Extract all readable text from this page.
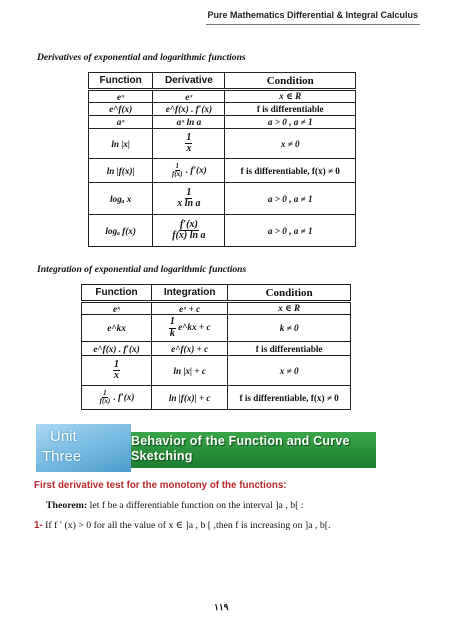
Pure Mathematics Differential & Integral Calculus
Derivatives of exponential and logarithmic functions
Function	Derivative	Condition
eˣ	eˣ	x ∈ R
e^f(x)	e^f(x) . f′(x)	f is differentiable
aˣ	aˣ ln a	a > 0 , a ≠ 1
ln |x|	$\frac{1}{x}$	x ≠ 0
ln |f(x)|	$\frac{1}{f(x)}$ . f′(x)	f is differentiable, f(x) ≠ 0
logₐ x	$\frac{1}{\text{x ln a}}$	a > 0 , a ≠ 1
logₐ f(x)	$\frac{f'(x)}{\text{f(x) ln a}}$	a > 0 , a ≠ 1
Integration of exponential and logarithmic functions
Function	Integration	Condition
eˣ	eˣ + c	x ∈ R
e^kx	$\frac{1}{k}$ e^kx + c	k ≠ 0
e^f(x) . f′(x)	e^f(x) + c	f is differentiable

$\frac{1}{x}$	ln |x| + c	x ≠ 0

$\frac{1}{f(x)}$ . f′(x)	ln |f(x)| + c	f is differentiable, f(x) ≠ 0
Unit
Three
Behavior of the Function and Curve
Sketching
First derivative test for the monotony of the functions:
Theorem: let f be a differentiable function on the interval ]a , b[ :
1- If f ′ (x) > 0 for all the value of x ∈ ]a , b [ ,then f is increasing on ]a , b[.
١١٩
